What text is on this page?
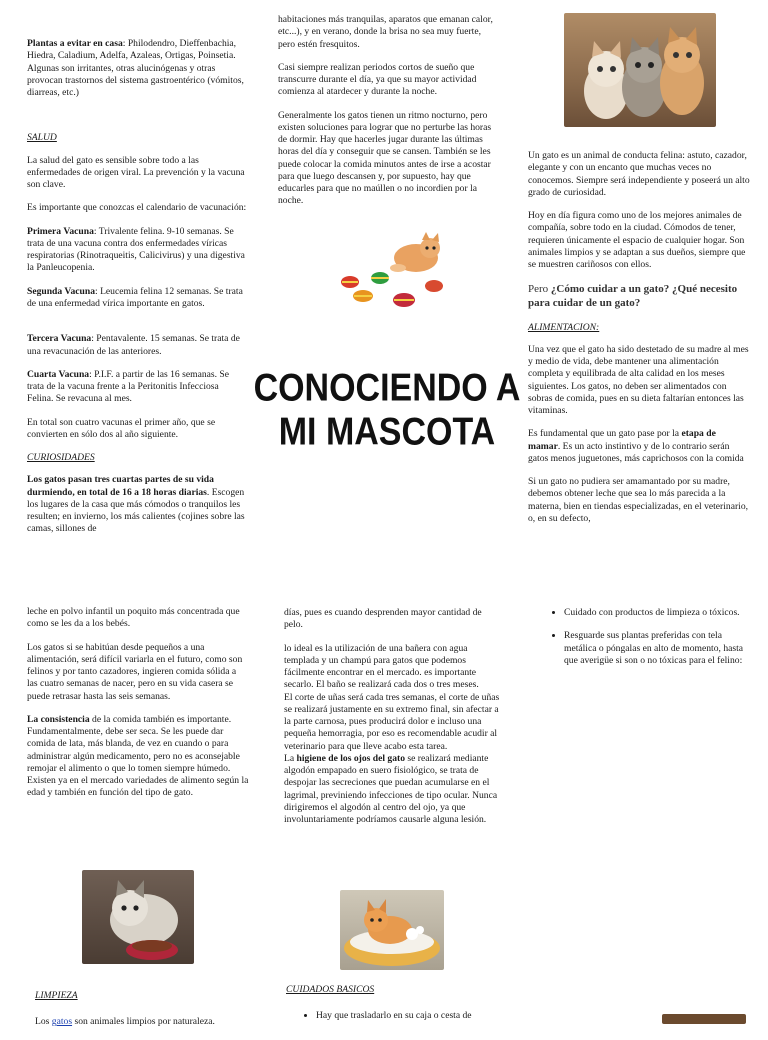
Plantas a evitar en casa: Philodendro, Dieffenbachia, Hiedra, Caladium, Adelfa, Azaleas, Ortigas, Poinsetia. Algunas son irritantes, otras alucinógenas y otras provocan trastornos del sistema gastroentérico (vómitos, diarreas, etc.)

SALUD

La salud del gato es sensible sobre todo a las enfermedades de origen viral. La prevención y la vacuna son clave.

Es importante que conozcas el calendario de vacunación:

Primera Vacuna: Trivalente felina. 9-10 semanas. Se trata de una vacuna contra dos enfermedades víricas respiratorias (Rinotraqueitis, Calicivirus) y una digestiva la Panleucopenia.

Segunda Vacuna: Leucemia felina 12 semanas. Se trata de una enfermedad vírica importante en gatos.

Tercera Vacuna: Pentavalente. 15 semanas. Se trata de una revacunación de las anteriores.

Cuarta Vacuna: P.I.F. a partir de las 16 semanas. Se trata de la vacuna frente a la Peritonitis Infecciosa Felina. Se revacuna al mes.

En total son cuatro vacunas el primer año, que se convierten en sólo dos al año siguiente.

CURIOSIDADES

Los gatos pasan tres cuartas partes de su vida durmiendo, en total de 16 a 18 horas diarias. Escogen los lugares de la casa que más cómodos o tranquilos les resulten; en invierno, los más calientes (cojines sobre las camas, sillones de

habitaciones más tranquilas, aparatos que emanan calor, etc...), y en verano, donde la brisa no sea muy fuerte, pero estén fresquitos.

Casi siempre realizan periodos cortos de sueño que transcurre durante el día, ya que su mayor actividad comienza al atardecer y durante la noche.

Generalmente los gatos tienen un ritmo nocturno, pero existen soluciones para lograr que no perturbe las horas de dormir. Hay que hacerles jugar durante las últimas horas del día y conseguir que se cansen. También se les puede colocar la comida minutos antes de irse a acostar para que luego descansen y, por supuesto, hay que educarles para que no maúllen o no incordien por la noche.

CONOCIENDO A
MI MASCOTA

Un gato es un animal de conducta felina: astuto, cazador, elegante y con un encanto que muchas veces no conocemos. Siempre será independiente y poseerá un alto grado de curiosidad.

Hoy en día figura como uno de los mejores animales de compañía, sobre todo en la ciudad. Cómodos de tener, requieren únicamente el espacio de cualquier hogar. Son animales limpios y se adaptan a sus dueños, siempre que se muestren cariñosos con ellos.

Pero ¿Cómo cuidar a un gato? ¿Qué necesito para cuidar de un gato?

ALIMENTACION:

Una vez que el gato ha sido destetado de su madre al mes y medio de vida, debe mantener una alimentación completa y equilibrada de alta calidad en los meses siguientes. Los gatos, no deben ser alimentados con sobras de comida, pues en su dieta faltarían entonces las vitaminas.

Es fundamental que un gato pase por la etapa de mamar. Es un acto instintivo y de lo contrario serán gatos menos juguetones, más caprichosos con la comida

Si un gato no pudiera ser amamantado por su madre, debemos obtener leche que sea lo más parecida a la materna, bien en tiendas especializadas, en el veterinario, o, en su defecto,

leche en polvo infantil un poquito más concentrada que como se les da a los bebés.

Los gatos si se habitúan desde pequeños a una alimentación, será difícil variarla en el futuro, como son felinos y por tanto cazadores, ingieren comida sólida a las cuatro semanas de nacer, pero en su vida casera se puede retrasar hasta las seis semanas.

La consistencia de la comida también es importante. Fundamentalmente, debe ser seca. Se les puede dar comida de lata, más blanda, de vez en cuando o para administrar algún medicamento, pero no es aconsejable remojar el alimento o que lo tomen siempre húmedo. Existen ya en el mercado variedades de alimento según la edad y también en función del tipo de gato.

LIMPIEZA

Los gatos son animales limpios por naturaleza.

días, pues es cuando desprenden mayor cantidad de pelo.

lo ideal es la utilización de una bañera con agua templada y un champú para gatos que podemos fácilmente encontrar en el mercado. es importante secarlo. El baño se realizará cada dos o tres meses.

El corte de uñas será cada tres semanas, el corte de uñas se realizará justamente en su extremo final, sin afectar a la parte carnosa, pues producirá dolor e incluso una pequeña hemorragia, por eso es recomendable acudir al veterinario para que lleve acabo esta tarea.

La higiene de los ojos del gato se realizará mediante algodón empapado en suero fisiológico, se trata de despojar las secreciones que puedan acumularse en el lagrimal, previniendo infecciones de tipo ocular. Nunca dirigiremos el algodón al centro del ojo, ya que involuntariamente podríamos causarle alguna lesión.

CUIDADOS BASICOS

• Hay que trasladarlo en su caja o cesta de
• Cuidado con productos de limpieza o tóxicos.
• Resguarde sus plantas preferidas con tela metálica o póngalas en alto de momento, hasta que averigüe si son o no tóxicas para el felino:
